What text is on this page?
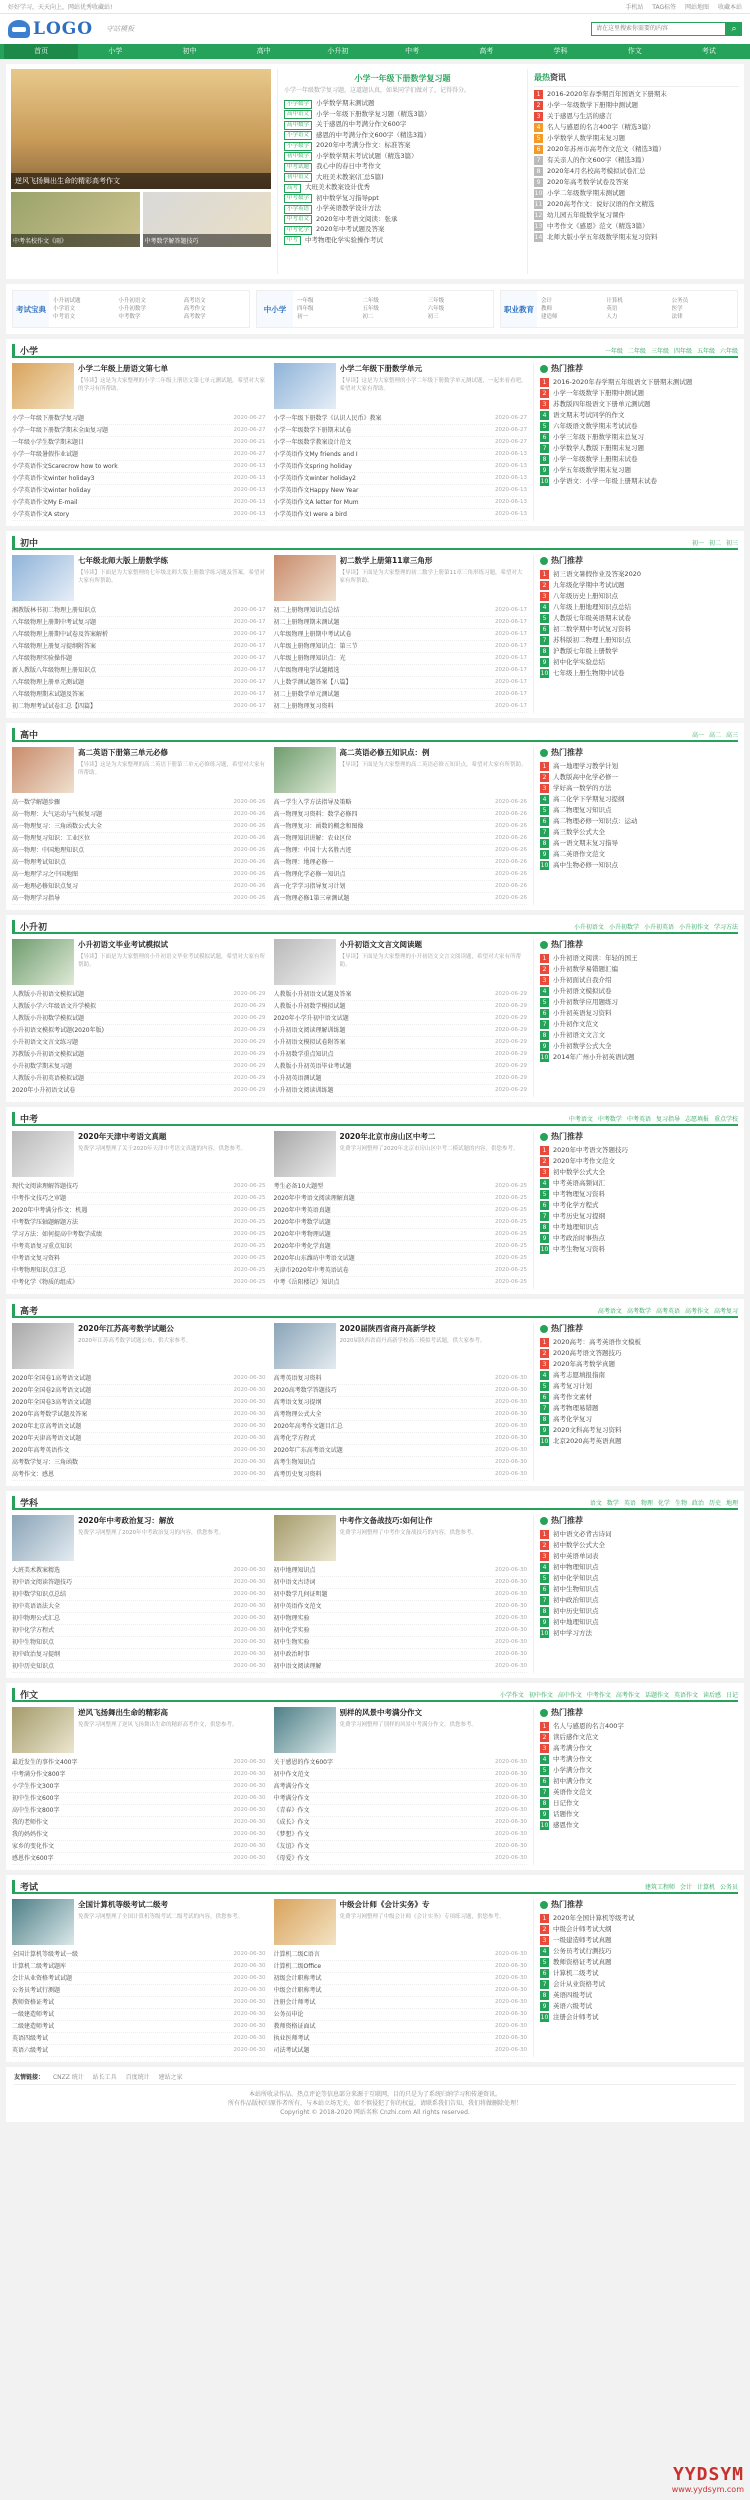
好好学习，天天向上，网站优秀收藏站!	手机站 TAG标签 网站地图 收藏本站
LOGO 守站模板
请在这里搜索你需要的内容	⌕
首页	小学	初中	高中	小升初	中考	高考	学科	作文	考试
逆风飞扬舞出生命的精彩高考作文
中考名校作文《雨》	中考数学解答题技巧
小学一年级下册数学复习题
小学一年级数学复习题，这道题认真，如果同学们做对了，记得得分。
小学数学	小学数学期末测试题
高中语文	小学一年级下册数学复习题（精选3篇）
高中数学	关于感恩的中考满分作文600字
小学语文	感恩的中考满分作文600字（精选3篇）
小学数学	2020年中考满分作文：标准答案
初中数学	小学数学期末考试试题（精选3篇）
中考试题	我心中的春日中考作文
初中语文	大班美术教案(汇总5篇)
高考	大班美术教案设计优秀
中考数学	初中数学复习指导ppt
小学英语	小学英语教学设计方法
中考语文	2020年中考语文阅读：张承
中考化学	2020年中考试题及答案
中考	中考物理化学实验操作考试
最热资讯
1	2016-2020年春季期百年国语文下册期末
2	小学一年级数学下册期中测试题
3	关于感恩与生活的感言
4	名人与感恩的名言400字（精选3篇）
5	小学数学人数学期末复习题
6	2020年苏州市高考作文范文（精选3篇）
7	有关亲人的作文600字（精选3篇）
8	2020年4月名校高考模拟试卷汇总
9	2020年高考数学试卷及答案
10 小学二年级数学期末测试题
11 2020高考作文：说好汉语的作文精选
12 幼儿园五年级数学复习课件
13 中考作文《感恩》范文（精选3篇）
14 北师大版小学五年级数学期末复习资料
考试宝典
小升初试题	小升初语文	高考语文
小学语文	小升初数学	高考作文
中考语文	中考数学	高考数学
中小学
一年级	二年级	三年级
四年级	五年级	六年级
初一	初二	初三
职业教育
会计	计算机	公务员
教师	英语	医学
建造师	人力	法律
小学	一年级 二年级 三年级 四年级 五年级 六年级
小学二年级上册语文第七单

【导读】这是为大家整理的小学二年级上册语文第七单元测试题，希望对大家的学习有所帮助。

小学一年级下册数学复习题	2020-06-27
小学一年级下册数学期末全面复习题	2020-06-27
一年级小学生数学期末题目	2020-06-21
小学一年级暑假作业试题	2020-06-27
小学英语作文Scarecrow how to work	2020-06-13
小学英语作文winter holiday3	2020-06-13
小学英语作文winter holiday	2020-06-13
小学英语作文My E-mail	2020-06-13
小学英语作文A story	2020-06-13
小学二年级下册数学单元

【导读】这是为大家整理的小学二年级下册数学单元测试题，一起来看看吧，希望对大家有帮助。

小学一年级下册数学《认识人民币》教案	2020-06-27
小学一年级数学下册期末试卷	2020-06-27
小学一年级数学教案设计范文	2020-06-27
小学英语作文My friends and I	2020-06-13
小学英语作文spring holiday	2020-06-13
小学英语作文winter holiday2	2020-06-13
小学英语作文Happy New Year	2020-06-13
小学英语作文A letter for Mum	2020-06-13
小学英语作文I were a bird	2020-06-13
热门推荐
1	2016-2020年春学期五年级语文下册期末测试题
2	小学一年级数学下册期中测试题
3	苏教版四年级语文下册单元测试题
4	语文期末考试同学的作文
5	六年级语文数学期末考试试卷
6	小学三年级下册数学期末总复习
7	小学数学人教版下册期末复习题
8	小学一年级数学上册期末试卷
9	小学五年级数学期末复习题
10 小学语文：小学一年级上册期末试卷
初中	初一 初二 初三
七年级北师大版上册数学练

【导读】下面是为大家整理的七年级北师大版上册数学练习题及答案，希望对大家有所帮助。

湘教版林书初二物理上册知识点	2020-06-17
八年级物理上册期中考试复习题	2020-06-17
八年级物理上册期中试卷及答案解析	2020-06-17
八年级物理上册复习提纲附答案	2020-06-17
八年级物理实验操作题	2020-06-17
新人教版八年级物理上册知识点	2020-06-17
八年级物理上册单元测试题	2020-06-17
八年级物理期末试题及答案	2020-06-17
初二物理考试试卷汇总【四篇】	2020-06-17
初二数学上册第11章三角形

【导读】下面是为大家整理的初二数学上册第11章三角形练习题，希望对大家有所帮助。

初二上册物理知识点总结	2020-06-17
初二上册物理期末测试题	2020-06-17
八年级物理上册期中考试试卷	2020-06-17
八年级上册物理知识点：第三节	2020-06-17
八年级上册物理知识点：光	2020-06-17
八年级物理电学试题精选	2020-06-17
八上数学测试题答案【八篇】	2020-06-17
初二上册数学单元测试题	2020-06-17
初二上册物理复习资料	2020-06-17
热门推荐
1	初三语文暑假作业及答案2020
2	九年级化学期中考试试题
3	八年级历史上册知识点
4	八年级上册地理知识点总结
5	人教版七年级英语期末试卷
6	初二数学期中考试复习资料
7	苏科版初二物理上册知识点
8	沪教版七年级上册数学
9	初中化学实验总结
10 七年级上册生物期中试卷
高中	高一 高二 高三
高二英语下册第三单元必修

【导读】这是为大家整理的高二英语下册第三单元必修练习题，希望对大家有所帮助。

高一数学解题步骤	2020-06-26
高一物理：大气运动与气候复习题	2020-06-26
高一物理复习：三角函数公式大全	2020-06-26
高一物理复习知识：工业区位	2020-06-26
高一物理：中国地理知识点	2020-06-26
高一物理考试知识点	2020-06-26
高一地理学习之中国地图	2020-06-26
高一地理必修知识点复习	2020-06-26
高一物理学习指导	2020-06-26
高二英语必修五知识点：例

【导读】下面是为大家整理的高二英语必修五知识点，希望对大家有所帮助。

高一学生入学方法指导及策略	2020-06-26
高一物理复习资料：数学必修四	2020-06-26
高一物理复习：函数的概念和图像	2020-06-26
高一物理知识讲解：农业区位	2020-06-26
高一物理：中国十大名胜古迹	2020-06-26
高一物理：地理必修一	2020-06-26
高一物理化学必修一知识点	2020-06-26
高一化学学习指导复习计划	2020-06-26
高一物理必修1第三章测试题	2020-06-26
热门推荐
1	高一地理学习教学计划
2	人教版高中化学必修一
3	学好高一数学的方法
4	高二化学下学期复习提纲
5	高二物理复习知识点
6	高二物理必修一知识点：运动
7	高三数学公式大全
8	高一语文期末复习指导
9	高二英语作文范文
10 高中生物必修一知识点
小升初	小升初语文 小升初数学 小升初英语 小升初作文 学习方法
小升初语文毕业考试模拟试

【导读】下面是为大家整理的小升初语文毕业考试模拟试题，希望对大家有所帮助。

人教版小升初语文模拟试题	2020-06-29
人教版小学六年级语文升学模拟	2020-06-29
人教版小升初数学模拟试题	2020-06-29
小升初语文模拟考试题(2020年版)	2020-06-29
小升初语文文言文练习题	2020-06-29
苏教版小升初语文模拟试题	2020-06-29
小升初数学期末复习题	2020-06-29
人教版小升初英语模拟试题	2020-06-29
2020年小升初语文试卷	2020-06-29
小升初语文文言文阅读题

【导读】下面是为大家整理的小升初语文文言文阅读题，希望对大家有所帮助。

人教版小升初语文试题及答案	2020-06-29
人教版小升初数学模拟试题	2020-06-29
2020年小学升初中语文试题	2020-06-29
小升初语文阅读理解训练题	2020-06-29
小升初语文模拟试卷附答案	2020-06-29
小升初数学重点知识点	2020-06-29
人教版小升初英语毕业考试题	2020-06-29
小升初英语测试题	2020-06-29
小升初语文阅读训练题	2020-06-29
热门推荐
1	小升初语文阅读：年轻的国王
2	小升初数学易错题汇编
3	小升初面试自我介绍
4	小升初语文模拟试卷
5	小升初数学应用题练习
6	小升初英语复习资料
7	小升初作文范文
8	小升初语文文言文
9	小升初数学公式大全
10 2014年广州小升初英语试题
中考	中考语文 中考数学 中考英语 复习指导 志愿填报 重点学校
2020年天津中考语文真题

免费学习网整理了关于2020年天津中考语文真题的内容，供您参考。

现代文阅读理解答题技巧	2020-06-25
中考作文技巧之审题	2020-06-25
2020年中考满分作文：机遇	2020-06-25
中考数学压轴题解题方法	2020-06-25
学习方法：如何提高中考数学成绩	2020-06-25
中考英语复习重点知识	2020-06-25
中考语文复习资料	2020-06-25
中考物理知识点汇总	2020-06-25
中考化学《物质的组成》	2020-06-25
2020年北京市房山区中考二

免费学习网整理了2020年北京市房山区中考二模试题的内容，供您参考。

考生必备10大题型	2020-06-25
2020年中考语文阅读理解真题	2020-06-25
2020年中考英语真题	2020-06-25
2020年中考数学试题	2020-06-25
2020年中考物理试题	2020-06-25
2020年中考化学真题	2020-06-25
2020年山东潍坊中考语文试题	2020-06-25
天津市2020年中考英语试卷	2020-06-25
中考《岳阳楼记》知识点	2020-06-25
热门推荐
1	2020年中考语文答题技巧
2	2020年中考作文范文
3	初中数学公式大全
4	中考英语高频词汇
5	中考物理复习资料
6	中考化学方程式
7	中考历史复习提纲
8	中考地理知识点
9	中考政治时事热点
10 中考生物复习资料
高考	高考语文 高考数学 高考英语 高考作文 高考复习
2020年江苏高考数学试题公

2020年江苏高考数学试题公布，供大家参考。

2020年全国卷1高考语文试题	2020-06-30
2020年全国卷2高考语文试题	2020-06-30
2020年全国卷3高考语文试题	2020-06-30
2020年高考数学试题及答案	2020-06-30
2020年北京高考语文试题	2020-06-30
2020年天津高考语文试题	2020-06-30
2020年高考英语作文	2020-06-30
高考数学复习：三角函数	2020-06-30
高考作文：感恩	2020-06-30
2020届陕西省商丹高新学校

2020届陕西省商丹高新学校高三模拟考试题，供大家参考。

高考英语复习资料	2020-06-30
2020高考数学答题技巧	2020-06-30
高考语文复习提纲	2020-06-30
高考物理公式大全	2020-06-30
2020年高考作文题目汇总	2020-06-30
高考化学方程式	2020-06-30
2020年广东高考语文试题	2020-06-30
高考生物知识点	2020-06-30
高考历史复习资料	2020-06-30
热门推荐
1	2020高考：高考英语作文模板
2	2020高考语文答题技巧
3	2020年高考数学真题
4	高考志愿填报指南
5	高考复习计划
6	高考作文素材
7	高考物理易错题
8	高考化学复习
9	2020文科高考复习资料
10 北京2020高考英语真题
学科	语文 数学 英语 物理 化学 生物 政治 历史 地理
2020年中考政治复习：解放

免费学习网整理了2020年中考政治复习的内容，供您参考。

大班美术教案精选	2020-06-30
初中语文阅读答题技巧	2020-06-30
初中数学知识点总结	2020-06-30
初中英语语法大全	2020-06-30
初中物理公式汇总	2020-06-30
初中化学方程式	2020-06-30
初中生物知识点	2020-06-30
初中政治复习提纲	2020-06-30
初中历史知识点	2020-06-30
中考作文备战技巧:如何让作

免费学习网整理了中考作文备战技巧的内容，供您参考。

初中地理知识点	2020-06-30
初中语文古诗词	2020-06-30
初中数学几何证明题	2020-06-30
初中英语作文范文	2020-06-30
初中物理实验	2020-06-30
初中化学实验	2020-06-30
初中生物实验	2020-06-30
初中政治时事	2020-06-30
初中语文阅读理解	2020-06-30
热门推荐
1	初中语文必背古诗词
2	初中数学公式大全
3	初中英语单词表
4	初中物理知识点
5	初中化学知识点
6	初中生物知识点
7	初中政治知识点
8	初中历史知识点
9	初中地理知识点
10 初中学习方法
作文	小学作文 初中作文 高中作文 中考作文 高考作文 话题作文 英语作文 读后感 日记
逆风飞扬舞出生命的精彩高

免费学习网整理了逆风飞扬舞出生命的精彩高考作文，供您参考。

最近发生的事作文400字	2020-06-30
中考满分作文800字	2020-06-30
小学生作文300字	2020-06-30
初中生作文600字	2020-06-30
高中生作文800字	2020-06-30
我的老师作文	2020-06-30
我的妈妈作文	2020-06-30
家乡的变化作文	2020-06-30
感恩作文600字	2020-06-30
别样的风景中考满分作文

免费学习网整理了别样的风景中考满分作文，供您参考。

关于感恩的作文600字	2020-06-30
初中作文范文	2020-06-30
高考满分作文	2020-06-30
中考满分作文	2020-06-30
《青春》作文	2020-06-30
《成长》作文	2020-06-30
《梦想》作文	2020-06-30
《友谊》作文	2020-06-30
《母爱》作文	2020-06-30
热门推荐
1	名人与感恩的名言400字
2	读后感作文范文
3	高考满分作文
4	中考满分作文
5	小学满分作文
6	初中满分作文
7	英语作文范文
8	日记作文
9	话题作文
10 感恩作文
考试	建筑工程师 会计 计算机 公务员
全国计算机等级考试二级考

免费学习网整理了全国计算机等级考试二级考试的内容，供您参考。

全国计算机等级考试一级	2020-06-30
计算机二级考试题库	2020-06-30
会计从业资格考试试题	2020-06-30
公务员考试行测题	2020-06-30
教师资格证考试	2020-06-30
一级建造师考试	2020-06-30
二级建造师考试	2020-06-30
英语四级考试	2020-06-30
英语六级考试	2020-06-30
中级会计师《会计实务》专

免费学习网整理了中级会计师《会计实务》专项练习题，供您参考。

计算机二级C语言	2020-06-30
计算机二级Office	2020-06-30
初级会计职称考试	2020-06-30
中级会计职称考试	2020-06-30
注册会计师考试	2020-06-30
公务员申论	2020-06-30
教师资格证面试	2020-06-30
执业医师考试	2020-06-30
司法考试试题	2020-06-30
热门推荐
1	2020年全国计算机等级考试
2	中级会计师考试大纲
3	一级建造师考试真题
4	公务员考试行测技巧
5	教师资格证考试真题
6	计算机二级考试
7	会计从业资格考试
8	英语四级考试
9	英语六级考试
10 注册会计师考试
友情链接： CNZZ 统计 站长工具 百度统计 建站之家
本站所收录作品、热点评论等信息部分来源于互联网，目的只是为了系统归纳学习和传递资讯。
所有作品版权归原作者所有，与本站立场无关，如不慎侵犯了你的权益，请联系我们告知，我们将做删除处理！
Copyright © 2018-2020 网站名称 Cnzhi.com All rights reserved.
YYDSYM
www.yydsym.com
